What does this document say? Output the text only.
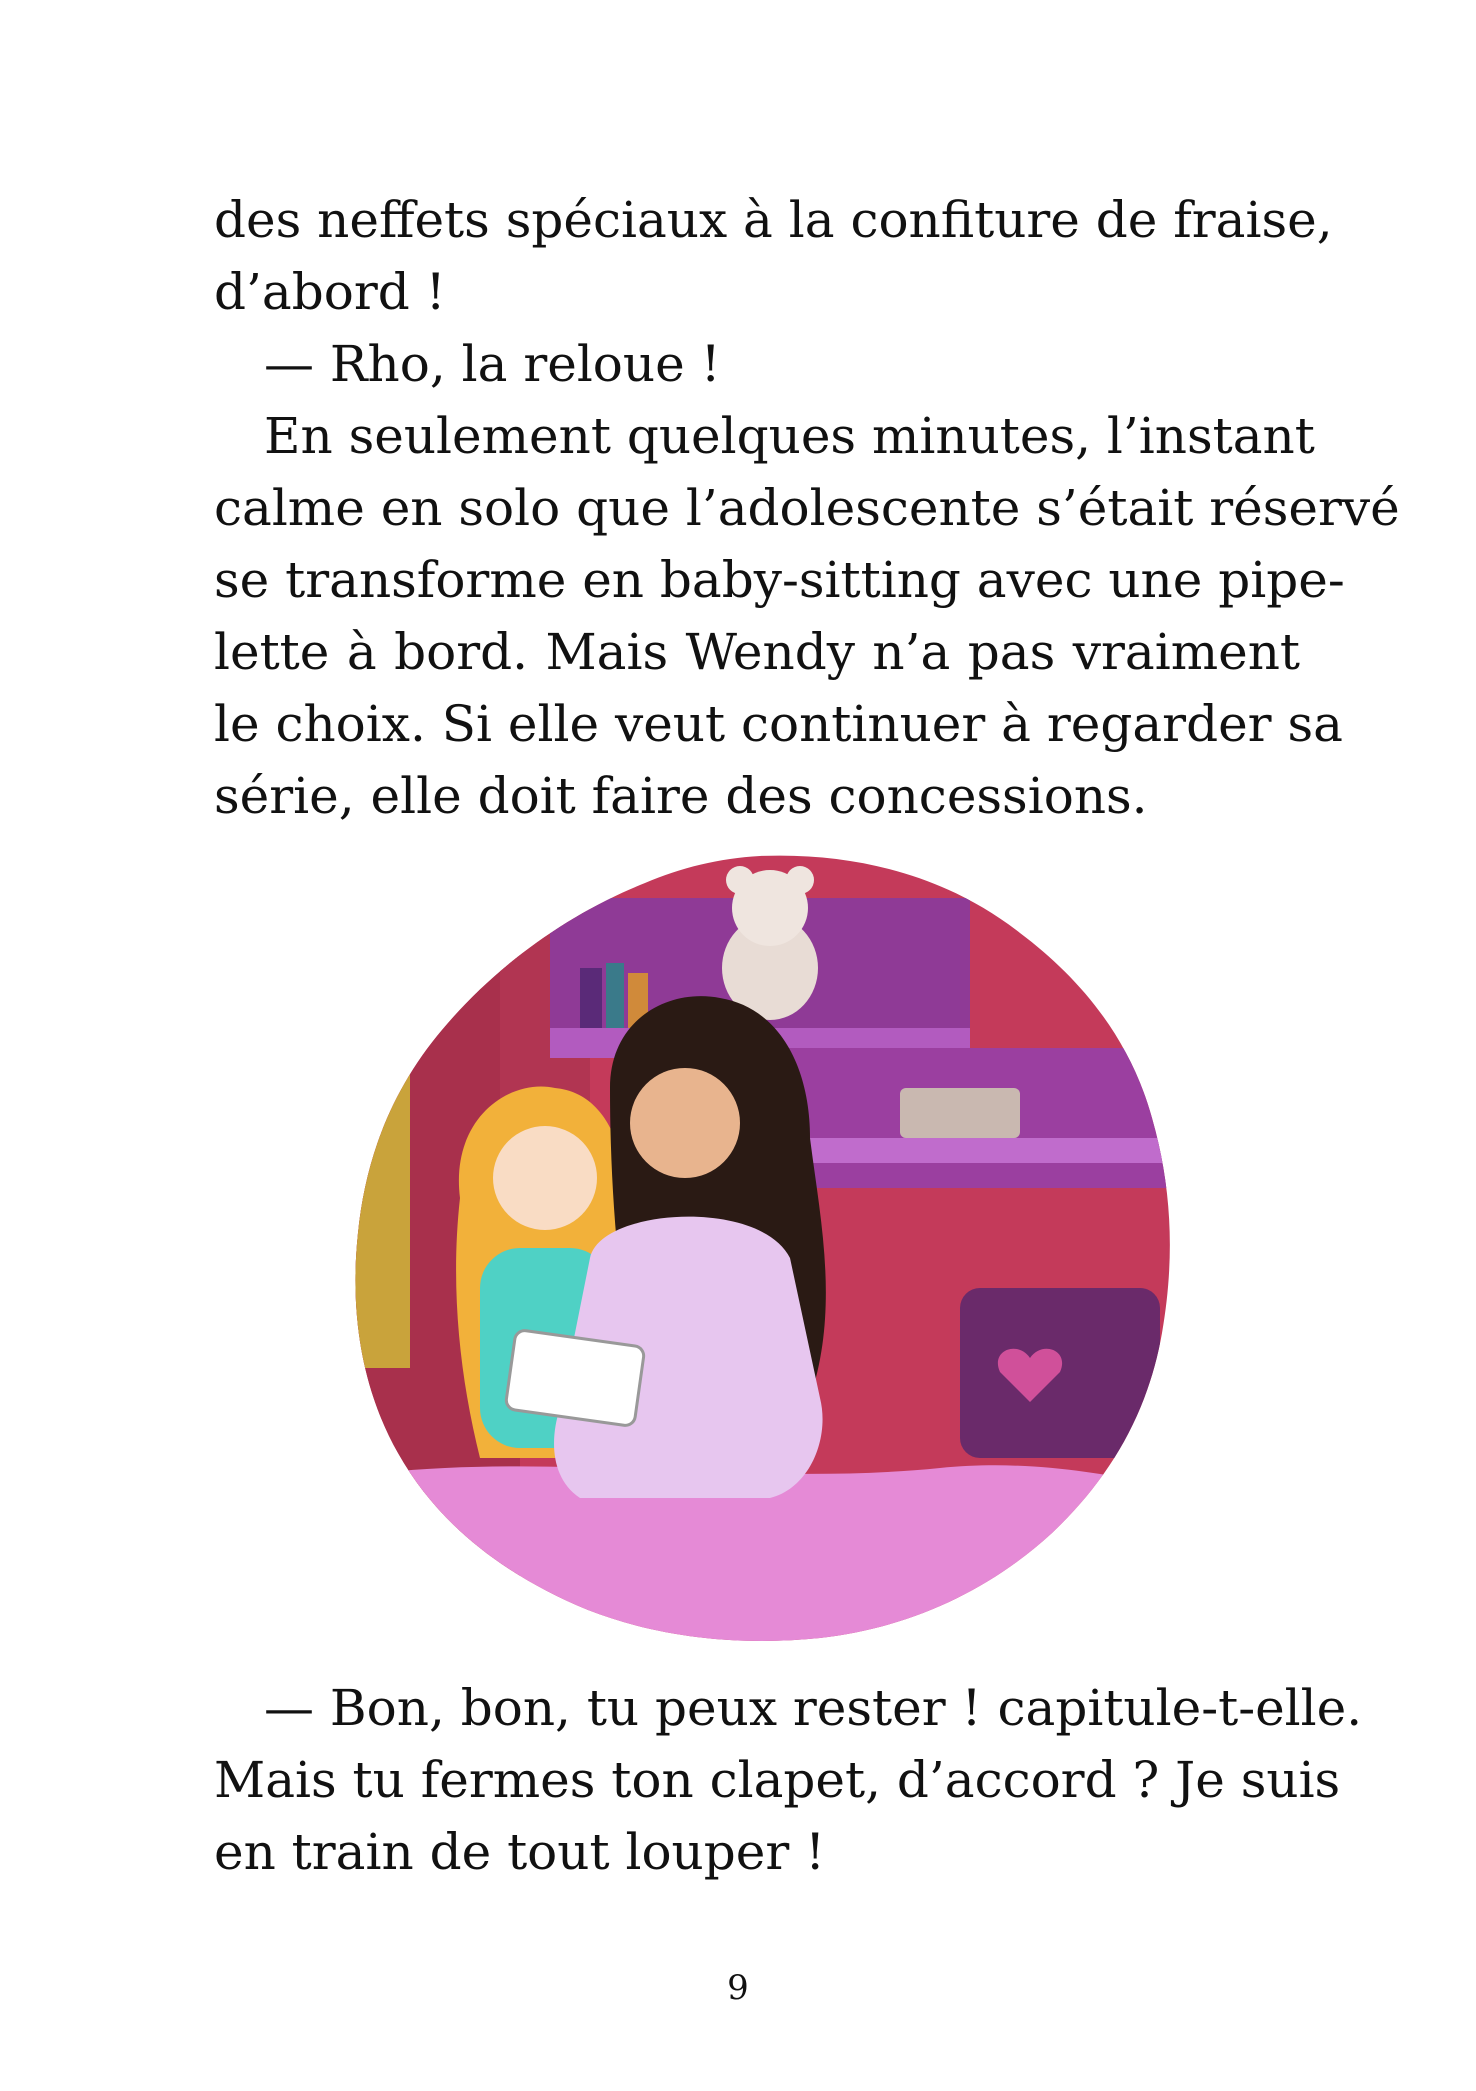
des neffets spéciaux à la confiture de fraise,
d’abord !
— Rho, la reloue !
En seulement quelques minutes, l’instant
calme en solo que l’adolescente s’était réservé
se transforme en baby-sitting avec une pipe-
lette à bord. Mais Wendy n’a pas vraiment
le choix. Si elle veut continuer à regarder sa
série, elle doit faire des concessions.
— Bon, bon, tu peux rester ! capitule-t-elle.
Mais tu fermes ton clapet, d’accord ? Je suis
en train de tout louper !
9
